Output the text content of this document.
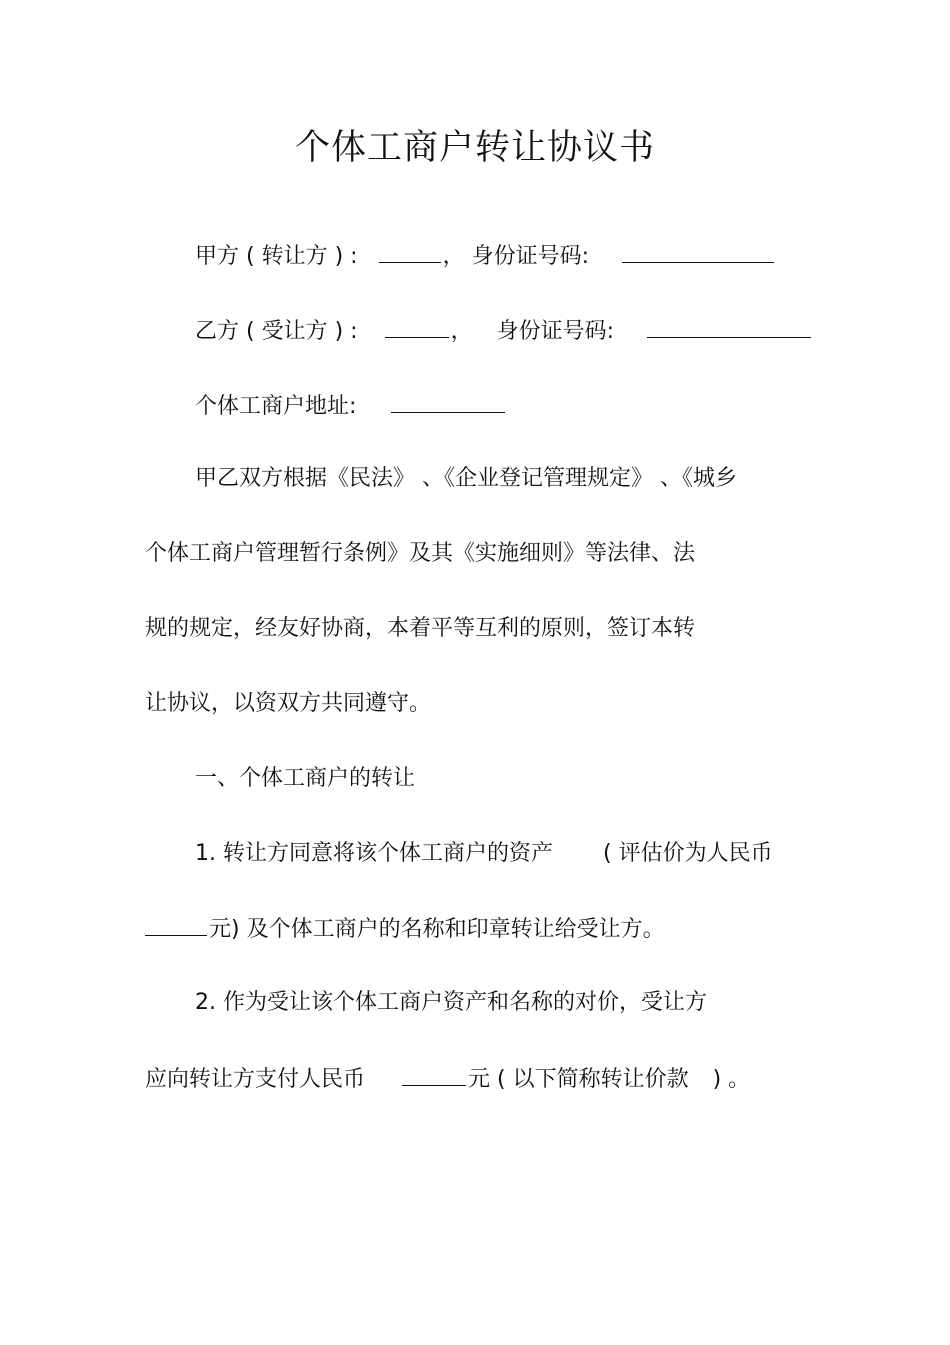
个体工商户转让协议书
甲方 ( 转让方 ) :	， 身份证号码:
乙方 ( 受让方 ) :	， 身份证号码:
个体工商户地址:
甲乙双方根据《民法》 、《企业登记管理规定》 、《城乡
个体工商户管理暂行条例》及其《实施细则》等法律、法
规的规定，经友好协商，本着平等互利的原则，签订本转
让协议，以资双方共同遵守。
一、个体工商户的转让
1. 转让方同意将该个体工商户的资产 ( 评估价为人民币
元) 及个体工商户的名称和印章转让给受让方。
2. 作为受让该个体工商户资产和名称的对价，受让方
应向转让方支付人民币	元 ( 以下简称转让价款 ) 。
